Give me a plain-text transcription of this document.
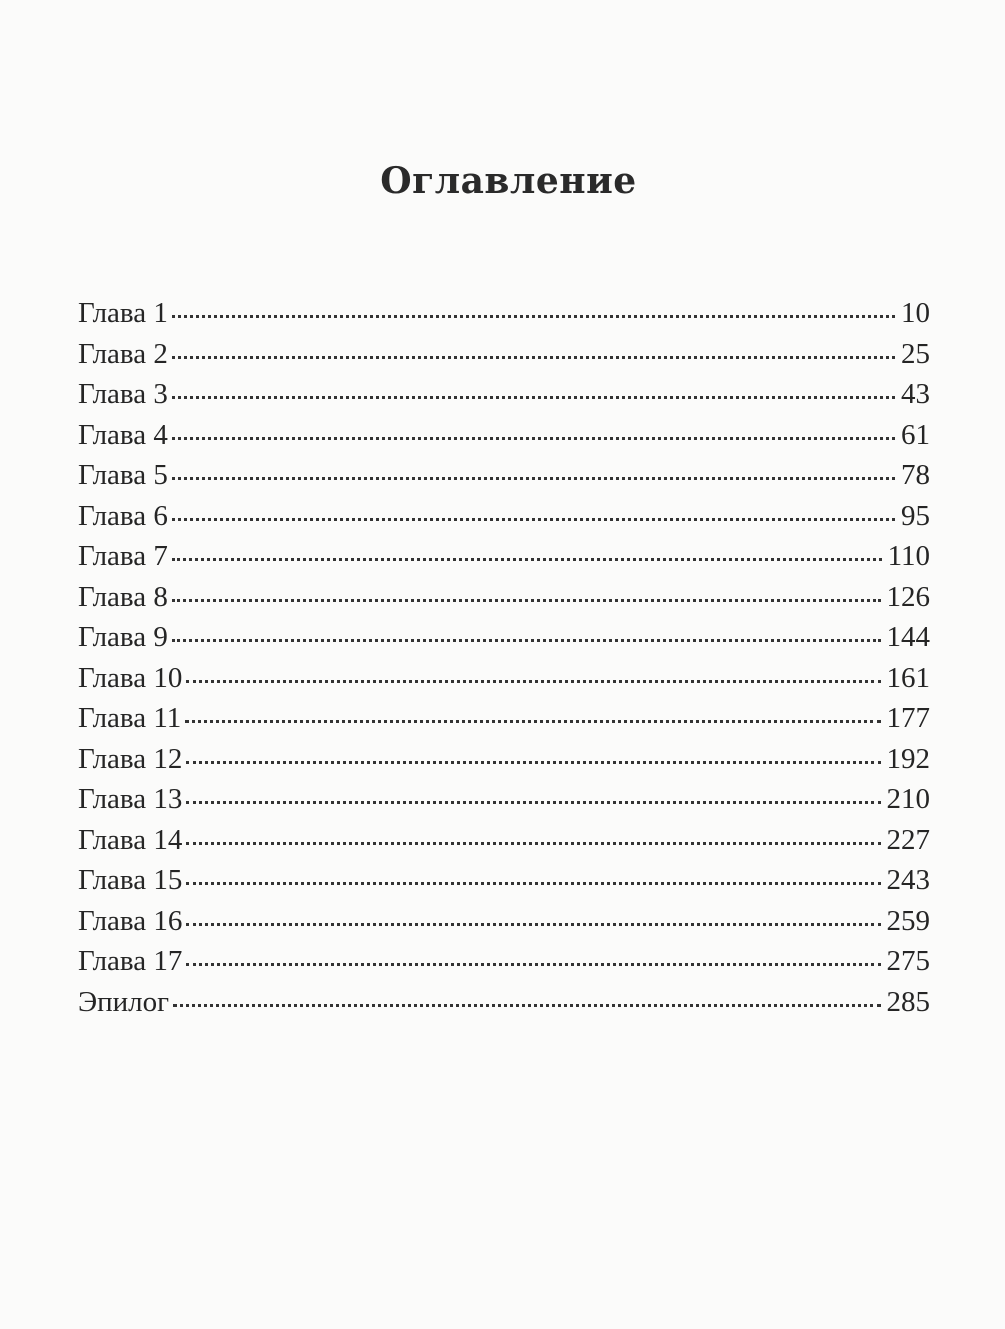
Оглавление
Глава 1	10
Глава 2	25
Глава 3	43
Глава 4	61
Глава 5	78
Глава 6	95
Глава 7	110
Глава 8	126
Глава 9	144
Глава 10	161
Глава 11	177
Глава 12	192
Глава 13	210
Глава 14	227
Глава 15	243
Глава 16	259
Глава 17	275
Эпилог	285
